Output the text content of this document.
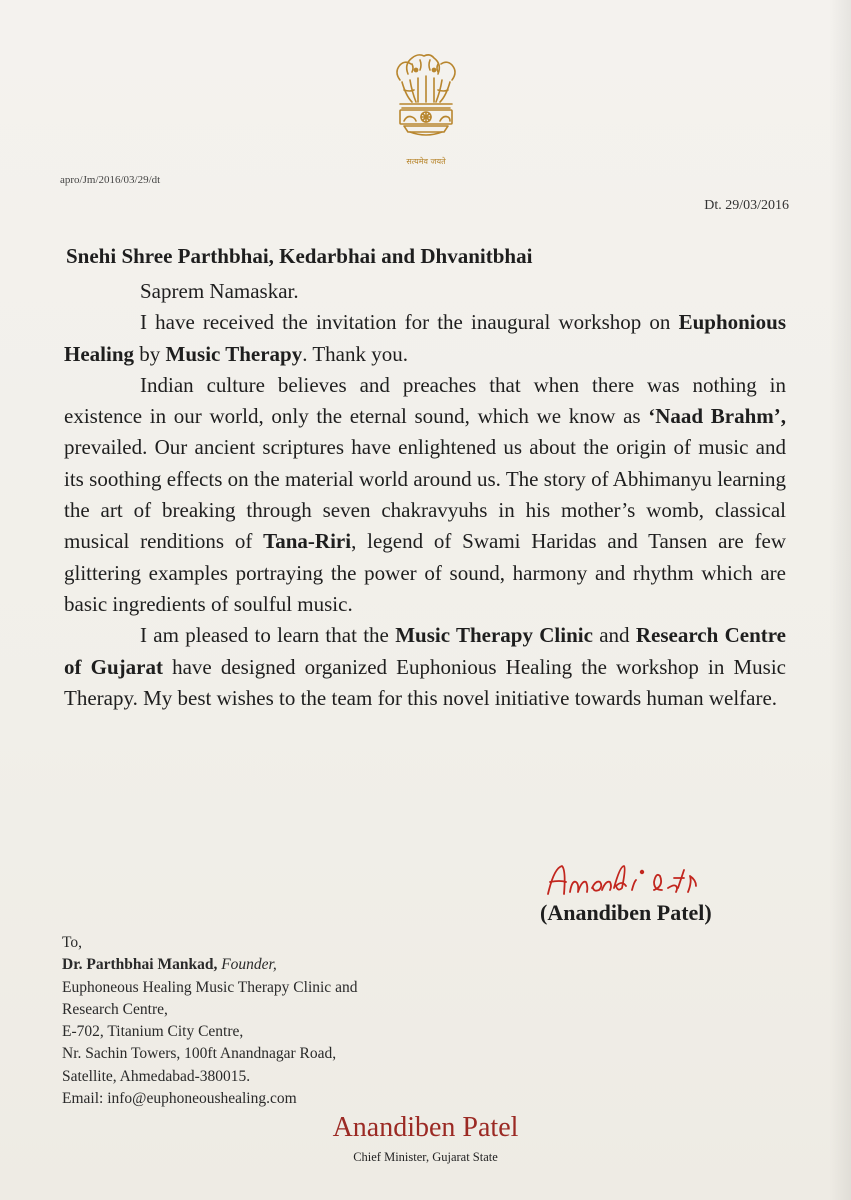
सत्यमेव जयते
apro/Jm/2016/03/29/dt
Dt. 29/03/2016
Snehi Shree Parthbhai, Kedarbhai and Dhvanitbhai

Saprem Namaskar.

I have received the invitation for the inaugural workshop on Euphonious Healing by Music Therapy. Thank you.

Indian culture believes and preaches that when there was nothing in existence in our world, only the eternal sound, which we know as ‘Naad Brahm’, prevailed. Our ancient scriptures have enlightened us about the origin of music and its soothing effects on the material world around us. The story of Abhimanyu learning the art of breaking through seven chakravyuhs in his mother’s womb, classical musical renditions of Tana-Riri, legend of Swami Haridas and Tansen are few glittering examples portraying the power of sound, harmony and rhythm which are basic ingredients of soulful music.

I am pleased to learn that the Music Therapy Clinic and Research Centre of Gujarat have designed organized Euphonious Healing the workshop in Music Therapy. My best wishes to the team for this novel initiative towards human welfare.

(Anandiben Patel)
To,
Dr. Parthbhai Mankad, Founder,
Euphoneous Healing Music Therapy Clinic and
Research Centre,
E-702, Titanium City Centre,
Nr. Sachin Towers, 100ft Anandnagar Road,
Satellite, Ahmedabad-380015.
Email: info@euphoneoushealing.com
Anandiben Patel
Chief Minister, Gujarat State
